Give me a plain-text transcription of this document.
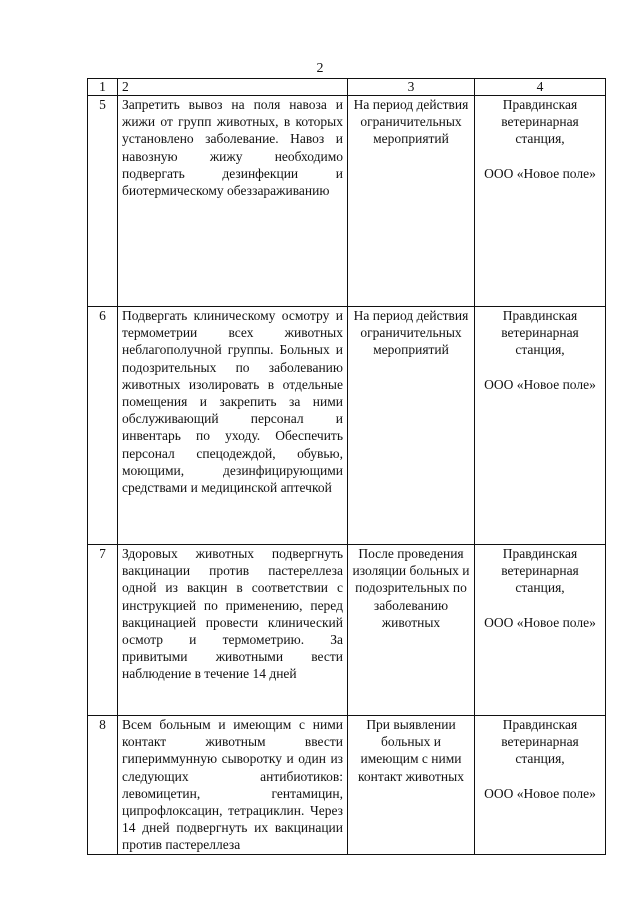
2
1	2	3	4
5	Запретить вывоз на поля навоза и жижи от групп животных, в которых установлено заболевание. Навоз и навозную жижу необходимо подвергать дезинфекции и биотермическому обеззараживанию	На период действия ограничительных мероприятий	Правдинская ветеринарная станция,
ООО «Новое поле»

6	Подвергать клиническому осмотру и термометрии всех животных неблагополучной группы. Больных и подозрительных по заболеванию животных изолировать в отдельные помещения и закрепить за ними обслуживающий персонал и инвентарь по уходу. Обеспечить персонал спецодеждой, обувью, моющими, дезинфицирующими средствами и медицинской аптечкой	На период действия ограничительных мероприятий	Правдинская ветеринарная станция,
ООО «Новое поле»

7	Здоровых животных подвергнуть вакцинации против пастереллеза одной из вакцин в соответствии с инструкцией по применению, перед вакцинацией провести клинический осмотр и термометрию. За привитыми животными вести наблюдение в течение 14 дней	После проведения изоляции больных и подозрительных по заболеванию животных	Правдинская ветеринарная станция,
ООО «Новое поле»

8	Всем больным и имеющим с ними контакт животным ввести гипериммунную сыворотку и один из следующих антибиотиков: левомицетин, гентамицин, ципрофлоксацин, тетрациклин. Через 14 дней подвергнуть их вакцинации против пастереллеза	При выявлении больных и имеющим с ними контакт животных	Правдинская ветеринарная станция,
ООО «Новое поле»
